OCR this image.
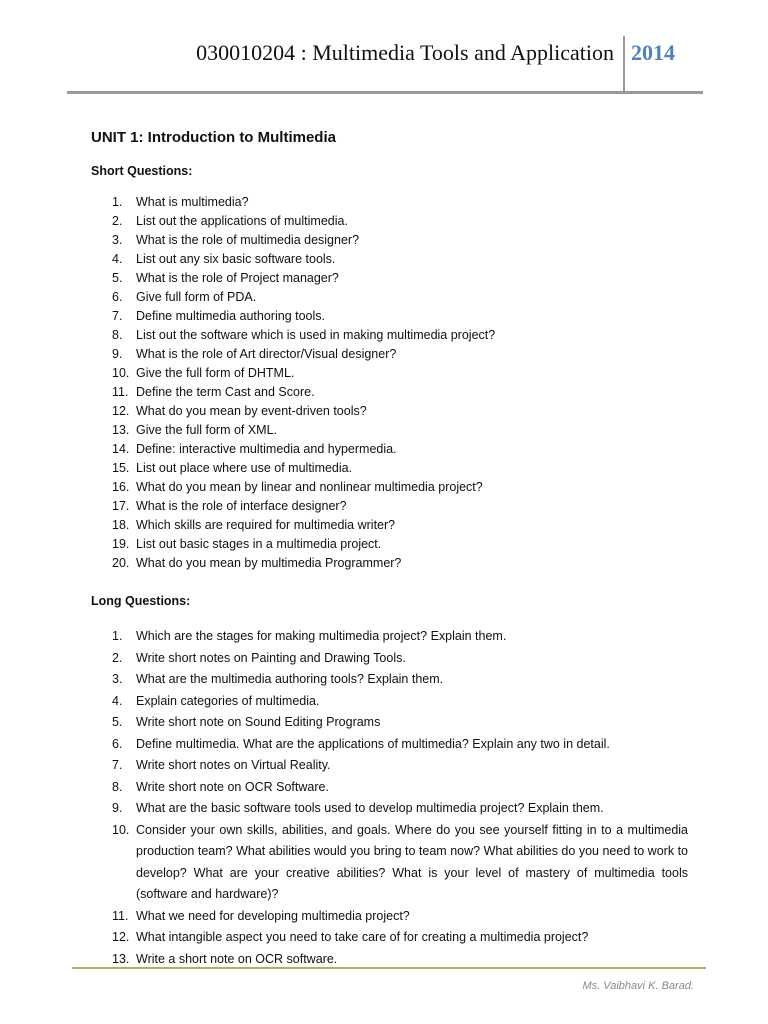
030010204 : Multimedia Tools and Application 2014
UNIT 1: Introduction to Multimedia
Short Questions:
1.	What is multimedia?
2.	List out the applications of multimedia.
3.	What is the role of multimedia designer?
4.	List out any six basic software tools.
5.	What is the role of Project manager?
6.	Give full form of PDA.
7.	Define multimedia authoring tools.
8.	List out the software which is used in making multimedia project?
9.	What is the role of Art director/Visual designer?
10. Give the full form of DHTML.
11. Define the term Cast and Score.
12. What do you mean by event-driven tools?
13. Give the full form of XML.
14. Define: interactive multimedia and hypermedia.
15. List out place where use of multimedia.
16. What do you mean by linear and nonlinear multimedia project?
17. What is the role of interface designer?
18. Which skills are required for multimedia writer?
19. List out basic stages in a multimedia project.
20. What do you mean by multimedia Programmer?
Long Questions:
1.	Which are the stages for making multimedia project? Explain them.
2.	Write short notes on Painting and Drawing Tools.
3.	What are the multimedia authoring tools? Explain them.
4.	Explain categories of multimedia.
5.	Write short note on Sound Editing Programs
6.	Define multimedia. What are the applications of multimedia? Explain any two in detail.
7.	Write short notes on Virtual Reality.
8.	Write short note on OCR Software.
9.	What are the basic software tools used to develop multimedia project? Explain them.
10. Consider your own skills, abilities, and goals. Where do you see yourself fitting in to a multimedia production team? What abilities would you bring to team now? What abilities do you need to work to develop? What are your creative abilities? What is your level of mastery of multimedia tools (software and hardware)?
11. What we need for developing multimedia project?
12. What intangible aspect you need to take care of for creating a multimedia project?
13. Write a short note on OCR software.
Ms. Vaibhavi K. Barad.
